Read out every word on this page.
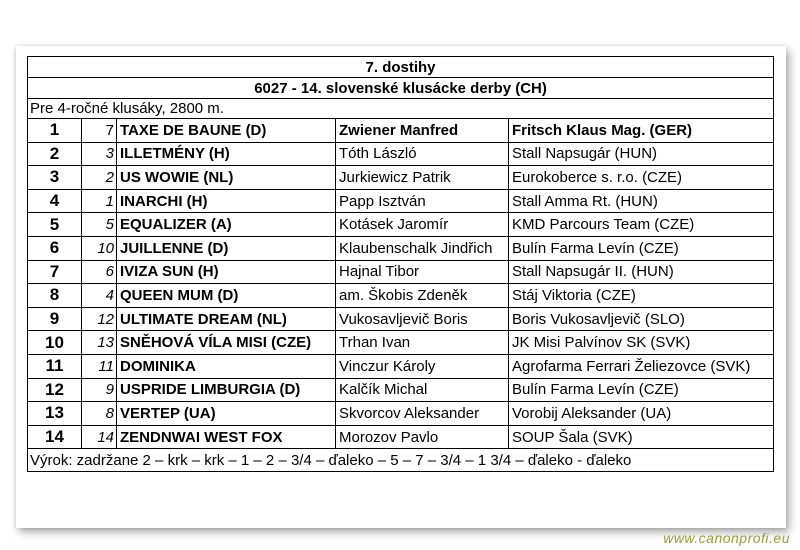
7. dostihy				
6027 - 14. slovenské klusácke derby (CH)				
Pre 4-ročné klusáky, 2800 m.				
1	7	TAXE DE BAUNE (D)	Zwiener Manfred	Fritsch Klaus Mag. (GER)
2	3	ILLETMÉNY (H)	Tóth László	Stall Napsugár (HUN)
3	2	US WOWIE (NL)	Jurkiewicz Patrik	Eurokoberce s. r.o. (CZE)
4	1	INARCHI (H)	Papp Isztván	Stall Amma Rt. (HUN)
5	5	EQUALIZER (A)	Kotásek Jaromír	KMD Parcours Team (CZE)
6	10	JUILLENNE (D)	Klaubenschalk Jindřich	Bulín Farma Levín (CZE)
7	6	IVIZA SUN (H)	Hajnal Tibor	Stall Napsugár II. (HUN)
8	4	QUEEN MUM (D)	am. Škobis Zdeněk	Stáj Viktoria (CZE)
9	12	ULTIMATE DREAM (NL)	Vukosavljevič Boris	Boris Vukosavljevič (SLO)
10	13	SNĚHOVÁ VÍLA MISI (CZE)	Trhan Ivan	JK Misi Palvínov SK (SVK)
11	11	DOMINIKA	Vinczur Károly	Agrofarma Ferrari Želiezovce (SVK)
12	9	USPRIDE LIMBURGIA (D)	Kalčík Michal	Bulín Farma Levín (CZE)
13	8	VERTEP (UA)	Skvorcov Aleksander	Vorobij Aleksander (UA)
14	14	ZENDNWAI WEST FOX	Morozov Pavlo	SOUP Šala (SVK)
Výrok: zadržane 2 – krk – krk – 1 – 2 – 3/4 – ďaleko – 5 – 7 – 3/4 – 1 3/4 – ďaleko - ďaleko				
www.canonprofi.eu
